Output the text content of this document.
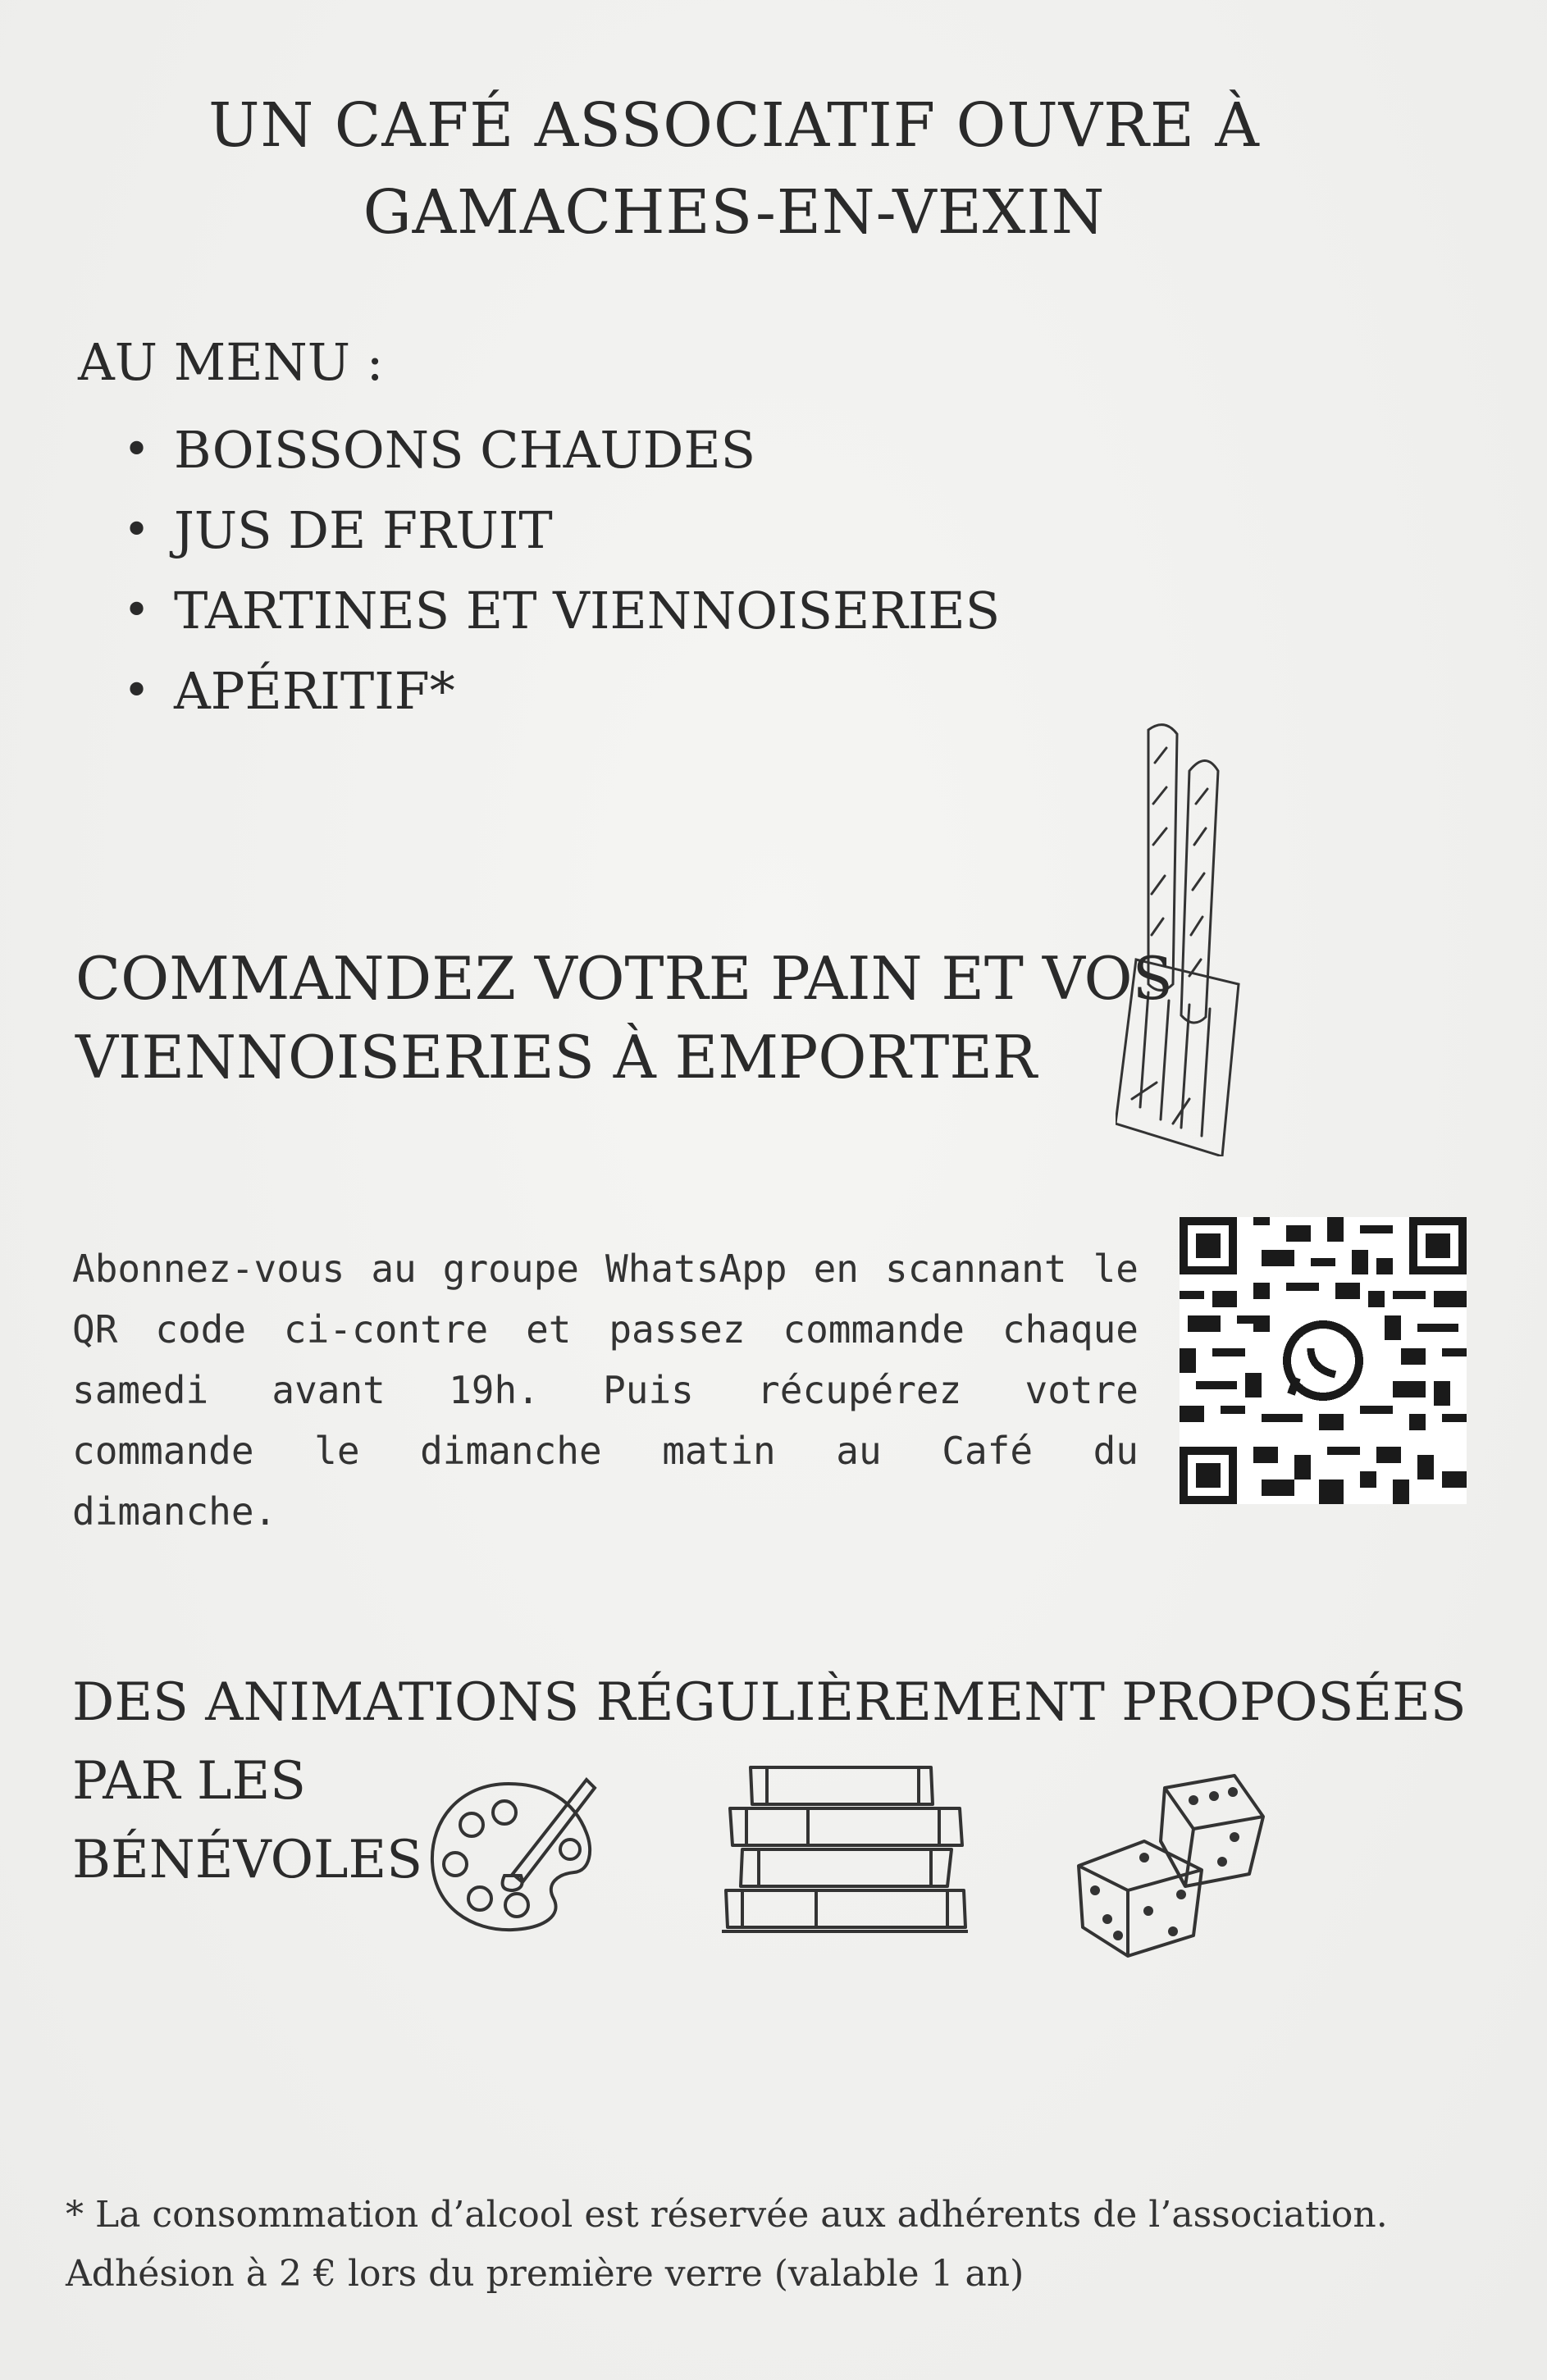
UN CAFÉ ASSOCIATIF OUVRE À
GAMACHES-EN-VEXIN
AU MENU :
• BOISSONS CHAUDES
• JUS DE FRUIT
• TARTINES ET VIENNOISERIES
• APÉRITIF*
COMMANDEZ VOTRE PAIN ET VOS
VIENNOISERIES À EMPORTER
Abonnez-vous au groupe WhatsApp en scannant le QR code ci-contre et passez commande chaque samedi avant 19h. Puis récupérez votre commande le dimanche matin au Café du dimanche.
DES ANIMATIONS RÉGULIÈREMENT PROPOSÉES PAR LES
BÉNÉVOLES
* La consommation d’alcool est réservée aux adhérents de l’association.
Adhésion à 2 € lors du première verre (valable 1 an)
